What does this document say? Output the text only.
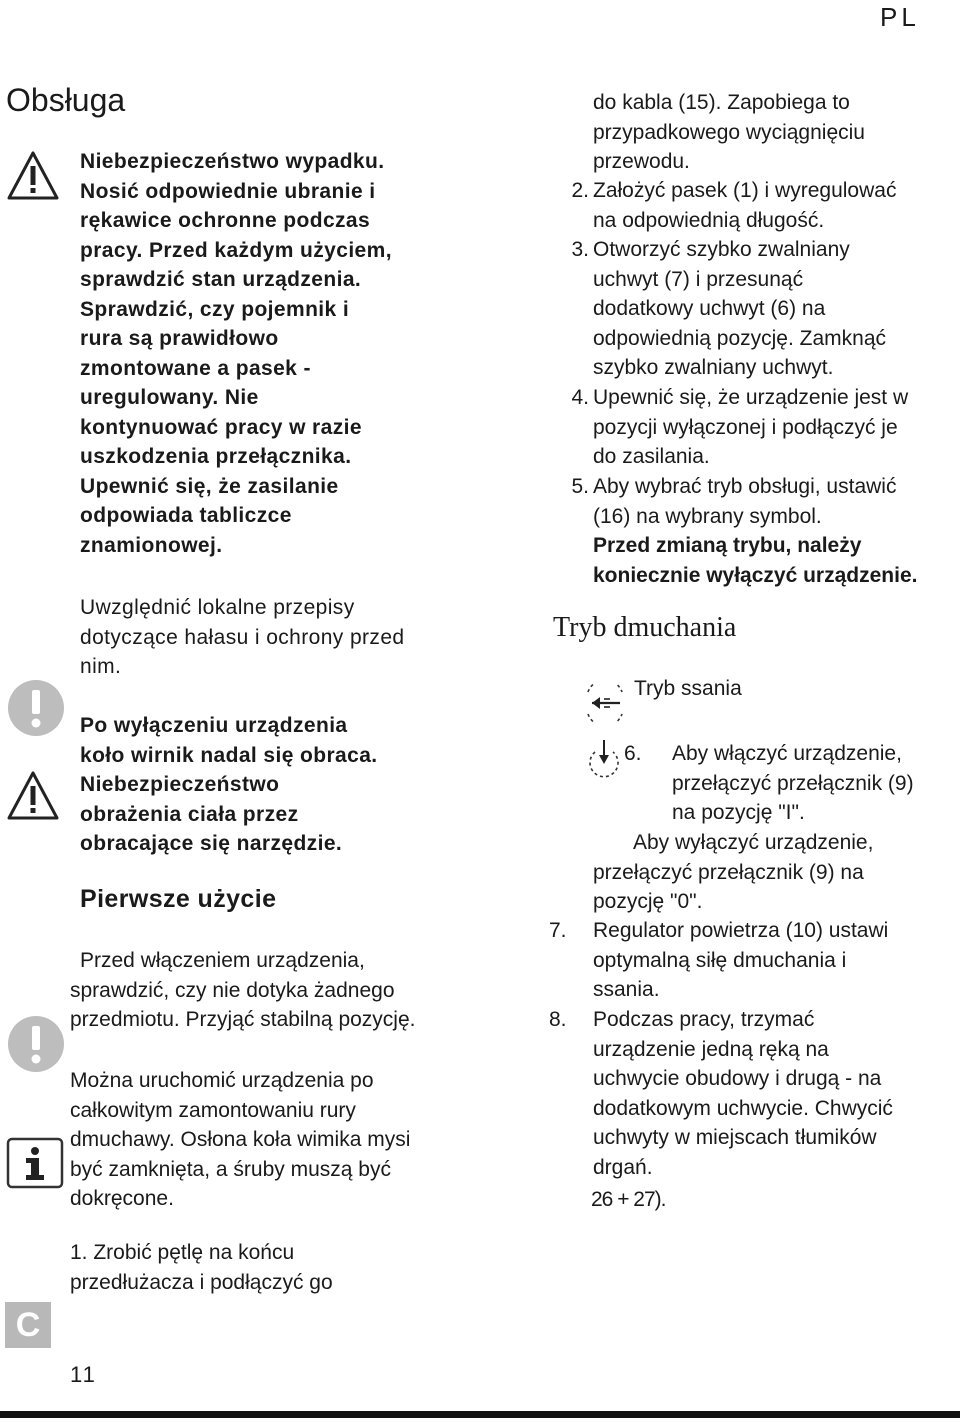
PL
Obsługa
Niebezpieczeństwo wypadku.
Nosić odpowiednie ubranie i
rękawice ochronne podczas
pracy. Przed każdym użyciem,
sprawdzić stan urządzenia.
Sprawdzić, czy pojemnik i
rura są prawidłowo
zmontowane a pasek -
uregulowany. Nie
kontynuować pracy w razie
uszkodzenia przełącznika.
Upewnić się, że zasilanie
odpowiada tabliczce
znamionowej.
Uwzględnić lokalne przepisy
dotyczące hałasu i ochrony przed
nim.
Po wyłączeniu urządzenia
koło wirnik nadal się obraca.
Niebezpieczeństwo
obrażenia ciała przez
obracające się narzędzie.
Pierwsze użycie
Przed włączeniem urządzenia,
sprawdzić, czy nie dotyka żadnego
przedmiotu. Przyjąć stabilną pozycję.
Można uruchomić urządzenia po
całkowitym zamontowaniu rury
dmuchawy. Osłona koła wimika mysi
być zamknięta, a śruby muszą być
dokręcone.
1. Zrobić pętlę na końcu
przedłużacza i podłączyć go
C
11
do kabla (15). Zapobiega to
przypadkowego wyciągnięciu
przewodu.
2. Założyć pasek (1) i wyregulować
na odpowiednią długość.
3. Otworzyć szybko zwalniany
uchwyt (7) i przesunąć
dodatkowy uchwyt (6) na
odpowiednią pozycję. Zamknąć
szybko zwalniany uchwyt.
4. Upewnić się, że urządzenie jest w
pozycji wyłączonej i podłączyć je
do zasilania.
5. Aby wybrać tryb obsługi, ustawić
(16) na wybrany symbol.
Przed zmianą trybu, należy
koniecznie wyłączyć urządzenie.
Tryb dmuchania
Tryb ssania
6.	Aby włączyć urządzenie,
przełączyć przełącznik (9)
na pozycję "I".
Aby wyłączyć urządzenie,
przełączyć przełącznik (9) na
pozycję "0".
7.	Regulator powietrza (10) ustawi
optymalną siłę dmuchania i
ssania.
8.	Podczas pracy, trzymać
urządzenie jedną ręką na
uchwycie obudowy i drugą - na
dodatkowym uchwycie. Chwycić
uchwyty w miejscach tłumików
drgań.
26 + 27).
